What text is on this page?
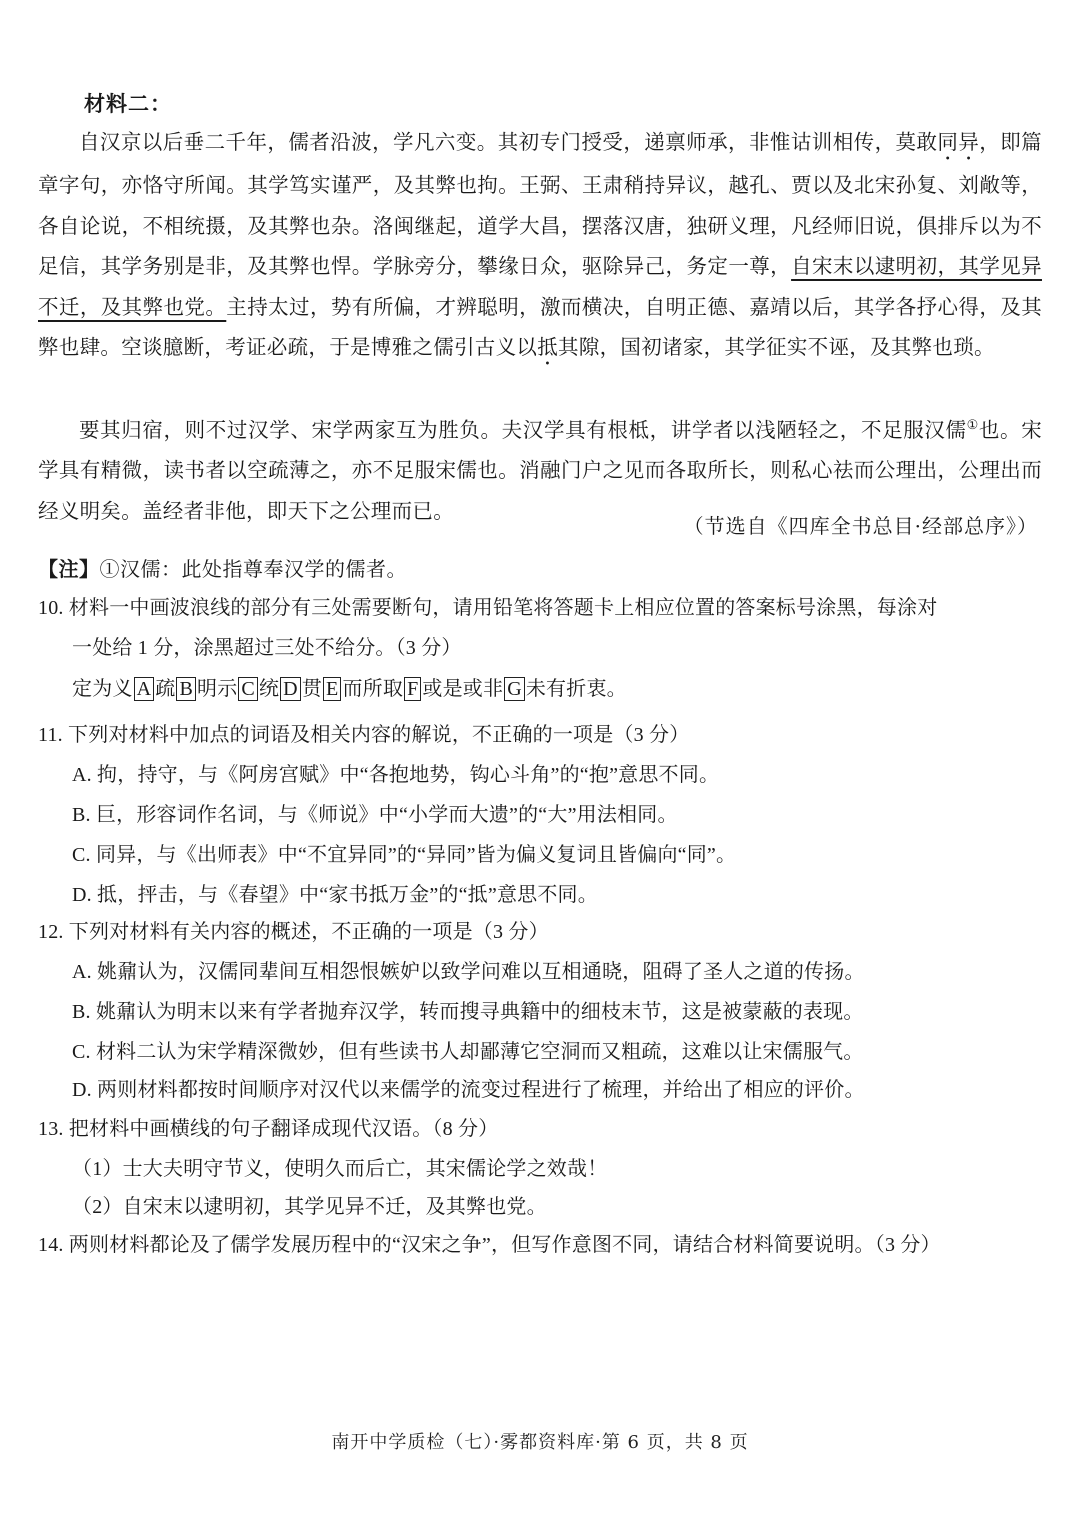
材料二：
自汉京以后垂二千年，儒者沿波，学凡六变。其初专门授受，递禀师承，非惟诂训相传，莫敢同异，即篇章字句，亦恪守所闻。其学笃实谨严，及其弊也拘。王弼、王肃稍持异议，越孔、贾以及北宋孙复、刘敞等，各自论说，不相统摄，及其弊也杂。洛闽继起，道学大昌，摆落汉唐，独研义理，凡经师旧说，俱排斥以为不足信，其学务别是非，及其弊也悍。学脉旁分，攀缘日众，驱除异己，务定一尊，自宋末以逮明初，其学见异不迁，及其弊也党。主持太过，势有所偏，才辨聪明，激而横决，自明正德、嘉靖以后，其学各抒心得，及其弊也肆。空谈臆断，考证必疏，于是博雅之儒引古义以抵其隙，国初诸家，其学征实不诬，及其弊也琐。
要其归宿，则不过汉学、宋学两家互为胜负。夫汉学具有根柢，讲学者以浅陋轻之，不足服汉儒①也。宋学具有精微，读书者以空疏薄之，亦不足服宋儒也。消融门户之见而各取所长，则私心祛而公理出，公理出而经义明矣。盖经者非他，即天下之公理而已。
（节选自《四库全书总目·经部总序》）
【注】①汉儒：此处指尊奉汉学的儒者。
10. 材料一中画波浪线的部分有三处需要断句，请用铅笔将答题卡上相应位置的答案标号涂黑，每涂对
一处给 1 分，涂黑超过三处不给分。（3 分）
定为义 A 疏 B 明示 C 统 D 贯 E 而所取 F 或是或非 G 未有折衷。
11. 下列对材料中加点的词语及相关内容的解说，不正确的一项是（3 分）
A. 拘，持守，与《阿房宫赋》中“各抱地势，钩心斗角”的“抱”意思不同。
B. 巨，形容词作名词，与《师说》中“小学而大遗”的“大”用法相同。
C. 同异，与《出师表》中“不宜异同”的“异同”皆为偏义复词且皆偏向“同”。
D. 抵，抨击，与《春望》中“家书抵万金”的“抵”意思不同。
12. 下列对材料有关内容的概述，不正确的一项是（3 分）
A. 姚鼐认为，汉儒同辈间互相怨恨嫉妒以致学问难以互相通晓，阻碍了圣人之道的传扬。
B. 姚鼐认为明末以来有学者抛弃汉学，转而搜寻典籍中的细枝末节，这是被蒙蔽的表现。
C. 材料二认为宋学精深微妙，但有些读书人却鄙薄它空洞而又粗疏，这难以让宋儒服气。
D. 两则材料都按时间顺序对汉代以来儒学的流变过程进行了梳理，并给出了相应的评价。
13. 把材料中画横线的句子翻译成现代汉语。（8 分）
（1）士大夫明守节义，使明久而后亡，其宋儒论学之效哉！
（2）自宋末以逮明初，其学见异不迁，及其弊也党。
14. 两则材料都论及了儒学发展历程中的“汉宋之争”，但写作意图不同，请结合材料简要说明。（3 分）
南开中学质检（七）·雾都资料库·第 6 页，共 8 页
